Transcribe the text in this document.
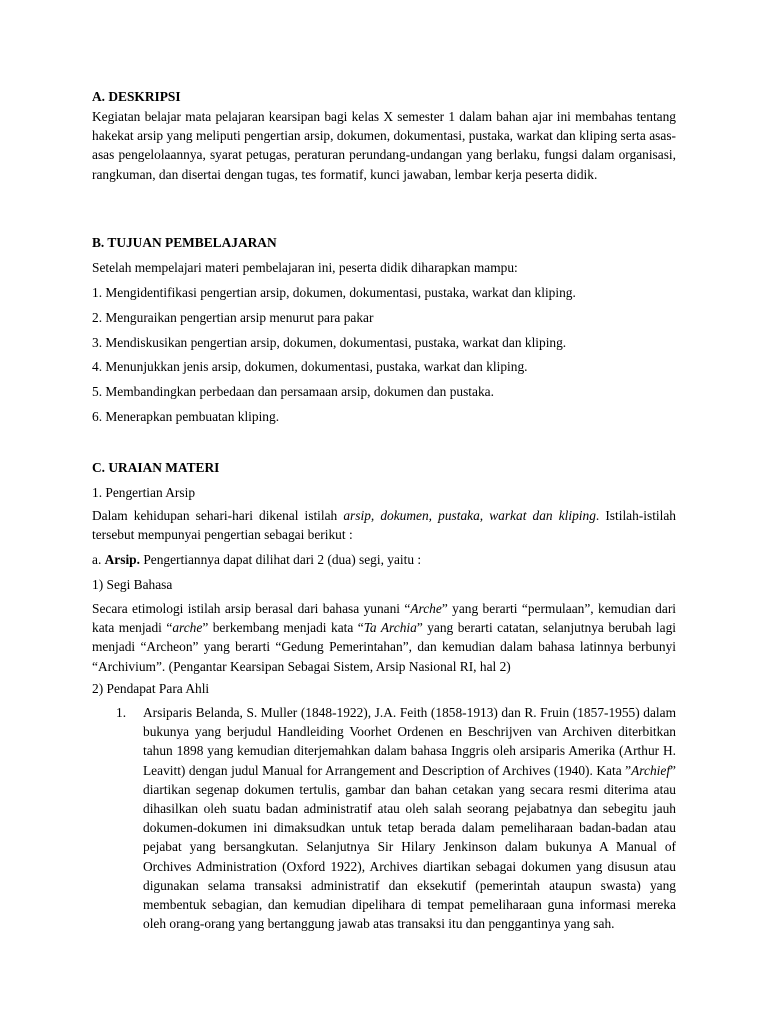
A. DESKRIPSI

Kegiatan belajar mata pelajaran kearsipan bagi kelas X semester 1 dalam bahan ajar ini membahas tentang hakekat arsip yang meliputi pengertian arsip, dokumen, dokumentasi, pustaka, warkat dan kliping serta asas-asas pengelolaannya, syarat petugas, peraturan perundang-undangan yang berlaku, fungsi dalam organisasi, rangkuman, dan disertai dengan tugas, tes formatif, kunci jawaban, lembar kerja peserta didik.

B. TUJUAN PEMBELAJARAN

Setelah mempelajari materi pembelajaran ini, peserta didik diharapkan mampu:

1. Mengidentifikasi pengertian arsip, dokumen, dokumentasi, pustaka, warkat dan kliping.

2. Menguraikan pengertian arsip menurut para pakar

3. Mendiskusikan pengertian arsip, dokumen, dokumentasi, pustaka, warkat dan kliping.

4. Menunjukkan jenis arsip, dokumen, dokumentasi, pustaka, warkat dan kliping.

5. Membandingkan perbedaan dan persamaan arsip, dokumen dan pustaka.

6. Menerapkan pembuatan kliping.

C. URAIAN MATERI

1. Pengertian Arsip

Dalam kehidupan sehari-hari dikenal istilah arsip, dokumen, pustaka, warkat dan kliping. Istilah-istilah tersebut mempunyai pengertian sebagai berikut :

a. Arsip. Pengertiannya dapat dilihat dari 2 (dua) segi, yaitu :

1) Segi Bahasa

Secara etimologi istilah arsip berasal dari bahasa yunani “Arche” yang berarti “permulaan”, kemudian dari kata menjadi “arche” berkembang menjadi kata “Ta Archia” yang berarti catatan, selanjutnya berubah lagi menjadi “Archeon” yang berarti “Gedung Pemerintahan”, dan kemudian dalam bahasa latinnya berbunyi “Archivium”. (Pengantar Kearsipan Sebagai Sistem, Arsip Nasional RI, hal 2)

2) Pendapat Para Ahli

1. Arsiparis Belanda, S. Muller (1848-1922), J.A. Feith (1858-1913) dan R. Fruin (1857-1955) dalam bukunya yang berjudul Handleiding Voorhet Ordenen en Beschrijven van Archiven diterbitkan tahun 1898 yang kemudian diterjemahkan dalam bahasa Inggris oleh arsiparis Amerika (Arthur H. Leavitt) dengan judul Manual for Arrangement and Description of Archives (1940). Kata ”Archief” diartikan segenap dokumen tertulis, gambar dan bahan cetakan yang secara resmi diterima atau dihasilkan oleh suatu badan administratif atau oleh salah seorang pejabatnya dan sebegitu jauh dokumen-dokumen ini dimaksudkan untuk tetap berada dalam pemeliharaan badan-badan atau pejabat yang bersangkutan. Selanjutnya Sir Hilary Jenkinson dalam bukunya A Manual of Orchives Administration (Oxford 1922), Archives diartikan sebagai dokumen yang disusun atau digunakan selama transaksi administratif dan eksekutif (pemerintah ataupun swasta) yang membentuk sebagian, dan kemudian dipelihara di tempat pemeliharaan guna informasi mereka oleh orang-orang yang bertanggung jawab atas transaksi itu dan penggantinya yang sah.
